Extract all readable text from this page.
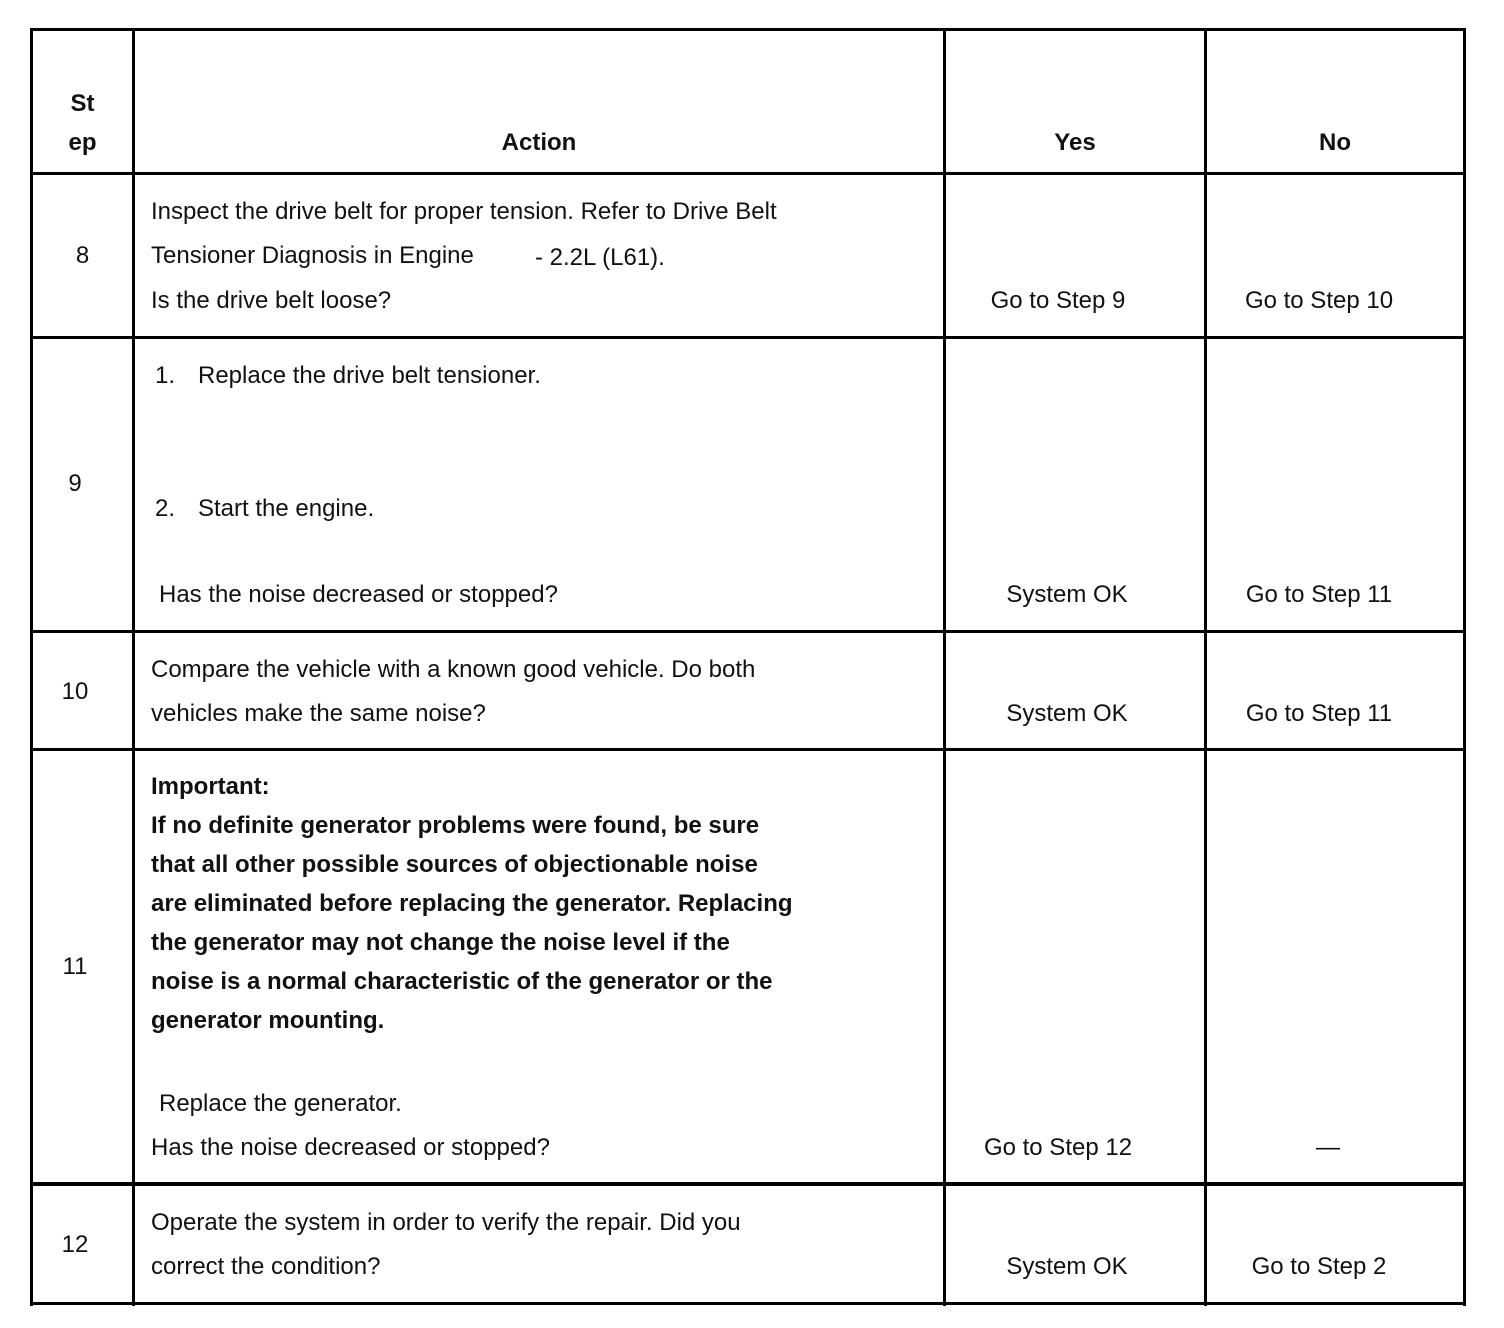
St
ep	Action	Yes	No
8
Inspect the drive belt for proper tension. Refer to Drive Belt
Tensioner Diagnosis in Engine	- 2.2L (L61).
Is the drive belt loose?	Go to Step 9	Go to Step 10
9
1. Replace the drive belt tensioner.
2. Start the engine.
Has the noise decreased or stopped?	System OK	Go to Step 11
10
Compare the vehicle with a known good vehicle. Do both
vehicles make the same noise?	System OK	Go to Step 11
11
Important:
If no definite generator problems were found, be sure
that all other possible sources of objectionable noise
are eliminated before replacing the generator. Replacing
the generator may not change the noise level if the
noise is a normal characteristic of the generator or the
generator mounting.
Replace the generator.
Has the noise decreased or stopped?	Go to Step 12	—
12
Operate the system in order to verify the repair. Did you
correct the condition?	System OK	Go to Step 2
